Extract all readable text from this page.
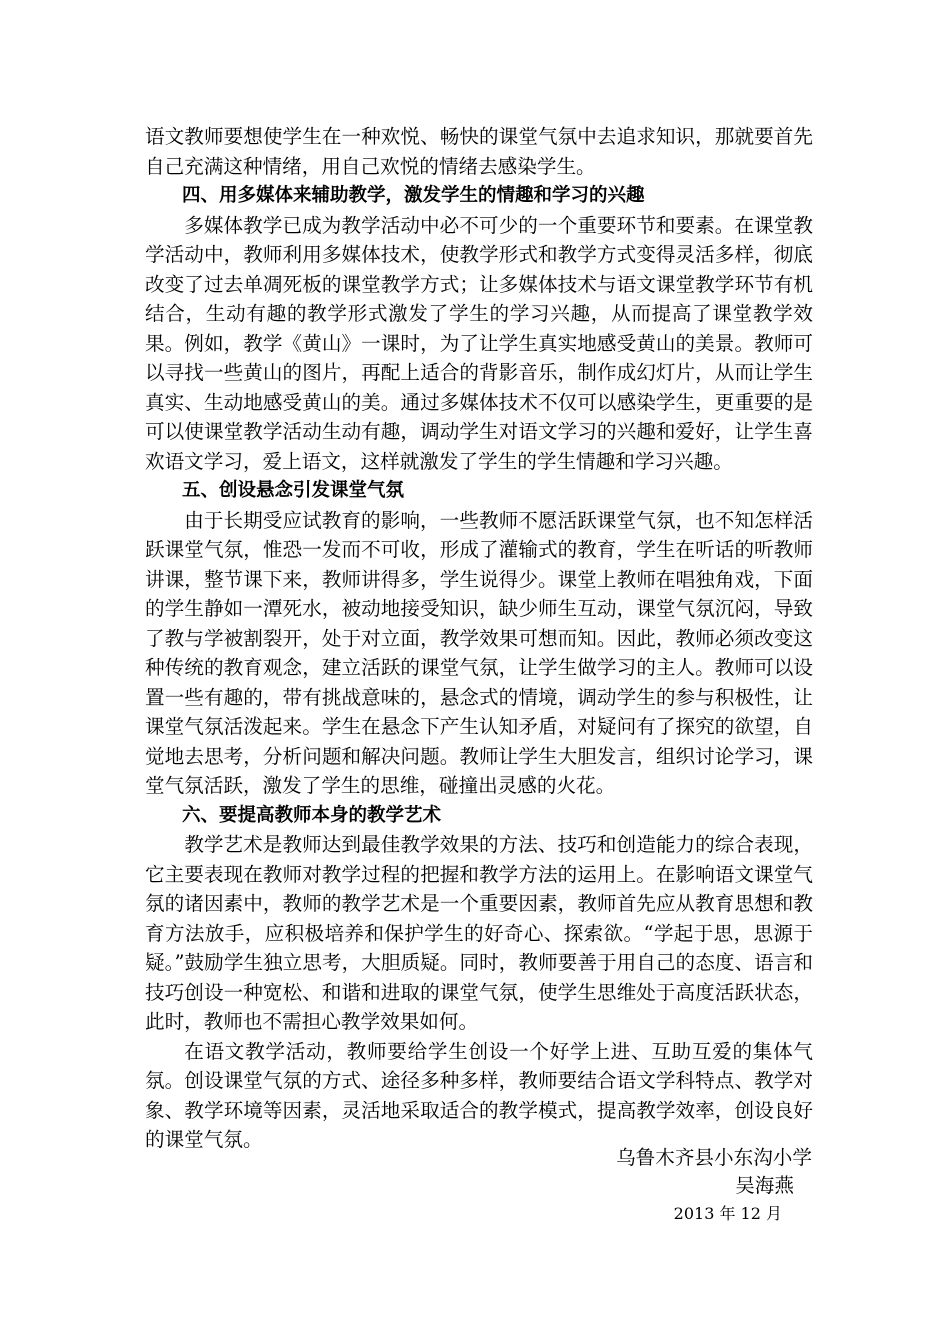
语文教师要想使学生在一种欢悦、畅快的课堂气氛中去追求知识，那就要首先自己充满这种情绪，用自己欢悦的情绪去感染学生。

四、用多媒体来辅助教学，激发学生的情趣和学习的兴趣

多媒体教学已成为教学活动中必不可少的一个重要环节和要素。在课堂教学活动中，教师利用多媒体技术，使教学形式和教学方式变得灵活多样，彻底改变了过去单凋死板的课堂教学方式；让多媒体技术与语文课堂教学环节有机结合，生动有趣的教学形式激发了学生的学习兴趣，从而提高了课堂教学效果。例如，教学《黄山》一课时，为了让学生真实地感受黄山的美景。教师可以寻找一些黄山的图片，再配上适合的背影音乐，制作成幻灯片，从而让学生真实、生动地感受黄山的美。通过多媒体技术不仅可以感染学生，更重要的是可以使课堂教学活动生动有趣，调动学生对语文学习的兴趣和爱好，让学生喜欢语文学习，爱上语文，这样就激发了学生的学生情趣和学习兴趣。

五、创设悬念引发课堂气氛

由于长期受应试教育的影响，一些教师不愿活跃课堂气氛，也不知怎样活跃课堂气氛，惟恐一发而不可收，形成了灌输式的教育，学生在听话的听教师讲课，整节课下来，教师讲得多，学生说得少。课堂上教师在唱独角戏，下面的学生静如一潭死水，被动地接受知识，缺少师生互动，课堂气氛沉闷，导致了教与学被割裂开，处于对立面，教学效果可想而知。因此，教师必须改变这种传统的教育观念，建立活跃的课堂气氛，让学生做学习的主人。教师可以设置一些有趣的，带有挑战意味的，悬念式的情境，调动学生的参与积极性，让课堂气氛活泼起来。学生在悬念下产生认知矛盾，对疑问有了探究的欲望，自觉地去思考，分析问题和解决问题。教师让学生大胆发言，组织讨论学习，课堂气氛活跃，激发了学生的思维，碰撞出灵感的火花。

六、要提高教师本身的教学艺术

教学艺术是教师达到最佳教学效果的方法、技巧和创造能力的综合表现，它主要表现在教师对教学过程的把握和教学方法的运用上。在影响语文课堂气氛的诸因素中，教师的教学艺术是一个重要因素，教师首先应从教育思想和教育方法放手，应积极培养和保护学生的好奇心、探索欲。“学起于思，思源于疑。”鼓励学生独立思考，大胆质疑。同时，教师要善于用自己的态度、语言和技巧创设一种宽松、和谐和进取的课堂气氛，使学生思维处于高度活跃状态，此时，教师也不需担心教学效果如何。

在语文教学活动，教师要给学生创设一个好学上进、互助互爱的集体气氛。创设课堂气氛的方式、途径多种多样，教师要结合语文学科特点、教学对象、教学环境等因素，灵活地采取适合的教学模式，提高教学效率，创设良好的课堂气氛。

乌鲁木齐县小东沟小学
吴海燕
2013 年 12 月
